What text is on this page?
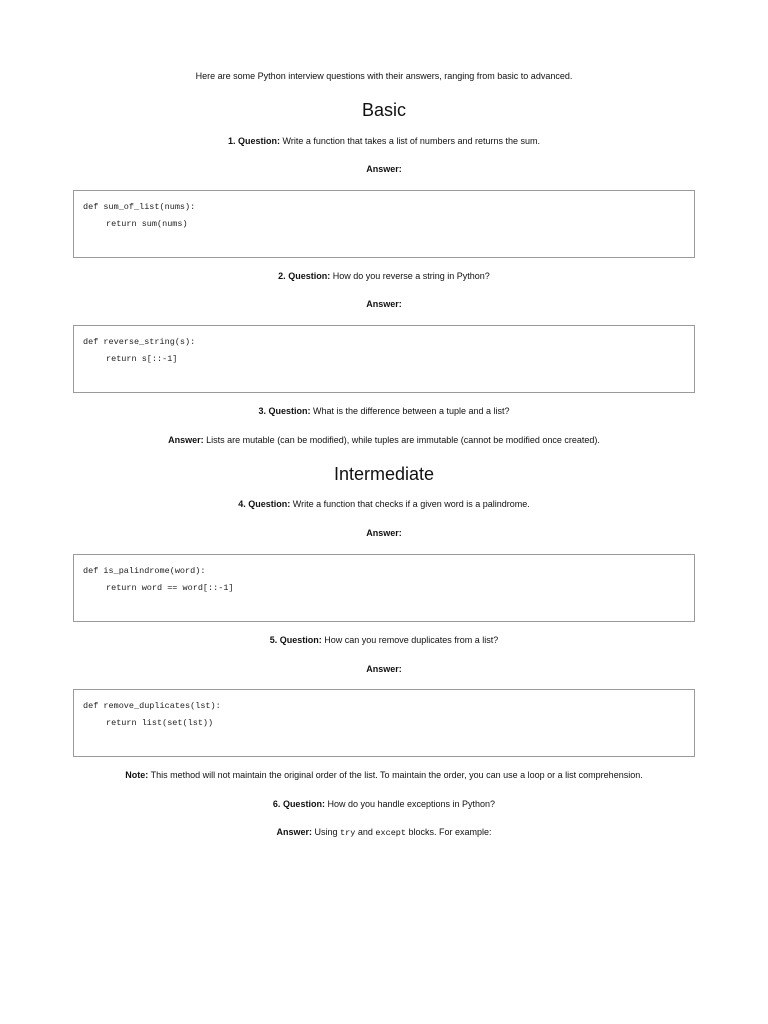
Here are some Python interview questions with their answers, ranging from basic to advanced.
Basic
1. Question: Write a function that takes a list of numbers and returns the sum.
Answer:
def sum_of_list(nums):
return sum(nums)
2. Question: How do you reverse a string in Python?
Answer:
def reverse_string(s):
return s[::-1]
3. Question: What is the difference between a tuple and a list?
Answer: Lists are mutable (can be modified), while tuples are immutable (cannot be modified once created).
Intermediate
4. Question: Write a function that checks if a given word is a palindrome.
Answer:
def is_palindrome(word):
return word == word[::-1]
5. Question: How can you remove duplicates from a list?
Answer:
def remove_duplicates(lst):
return list(set(lst))
Note: This method will not maintain the original order of the list. To maintain the order, you can use a loop or a list comprehension.
6. Question: How do you handle exceptions in Python?
Answer: Using try and except blocks. For example:
